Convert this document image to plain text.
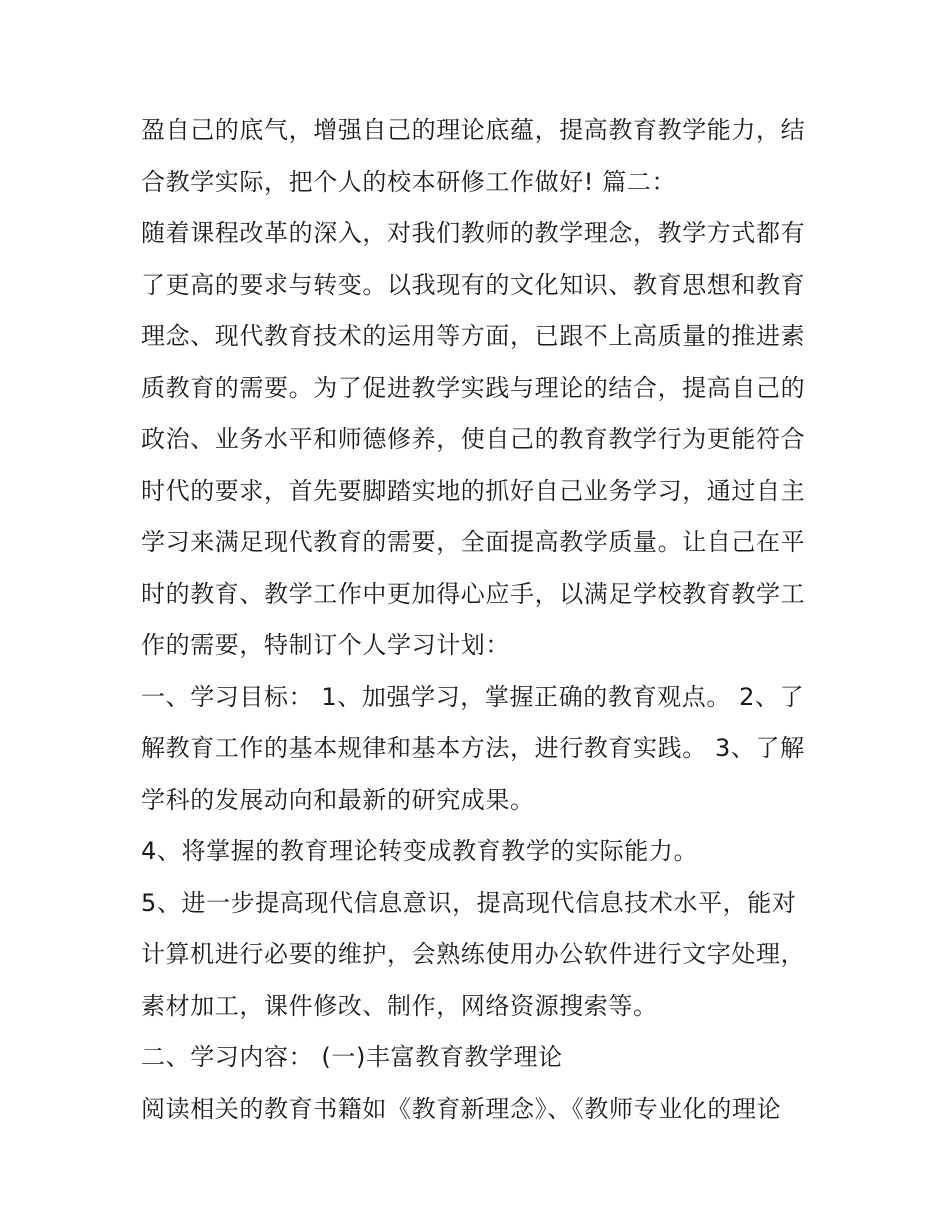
盈自己的底气，增强自己的理论底蕴，提高教育教学能力，结
合教学实际，把个人的校本研修工作做好! 篇二：
随着课程改革的深入，对我们教师的教学理念，教学方式都有
了更高的要求与转变。以我现有的文化知识、教育思想和教育
理念、现代教育技术的运用等方面，已跟不上高质量的推进素
质教育的需要。为了促进教学实践与理论的结合，提高自己的
政治、业务水平和师德修养，使自己的教育教学行为更能符合
时代的要求，首先要脚踏实地的抓好自己业务学习，通过自主
学习来满足现代教育的需要，全面提高教学质量。让自己在平
时的教育、教学工作中更加得心应手，以满足学校教育教学工
作的需要，特制订个人学习计划：
一、学习目标： 1、加强学习，掌握正确的教育观点。 2、了
解教育工作的基本规律和基本方法，进行教育实践。 3、了解
学科的发展动向和最新的研究成果。
4、将掌握的教育理论转变成教育教学的实际能力。
5、进一步提高现代信息意识，提高现代信息技术水平，能对
计算机进行必要的维护，会熟练使用办公软件进行文字处理，
素材加工，课件修改、制作，网络资源搜索等。
二、学习内容： (一)丰富教育教学理论
阅读相关的教育书籍如《教育新理念》、《教师专业化的理论
